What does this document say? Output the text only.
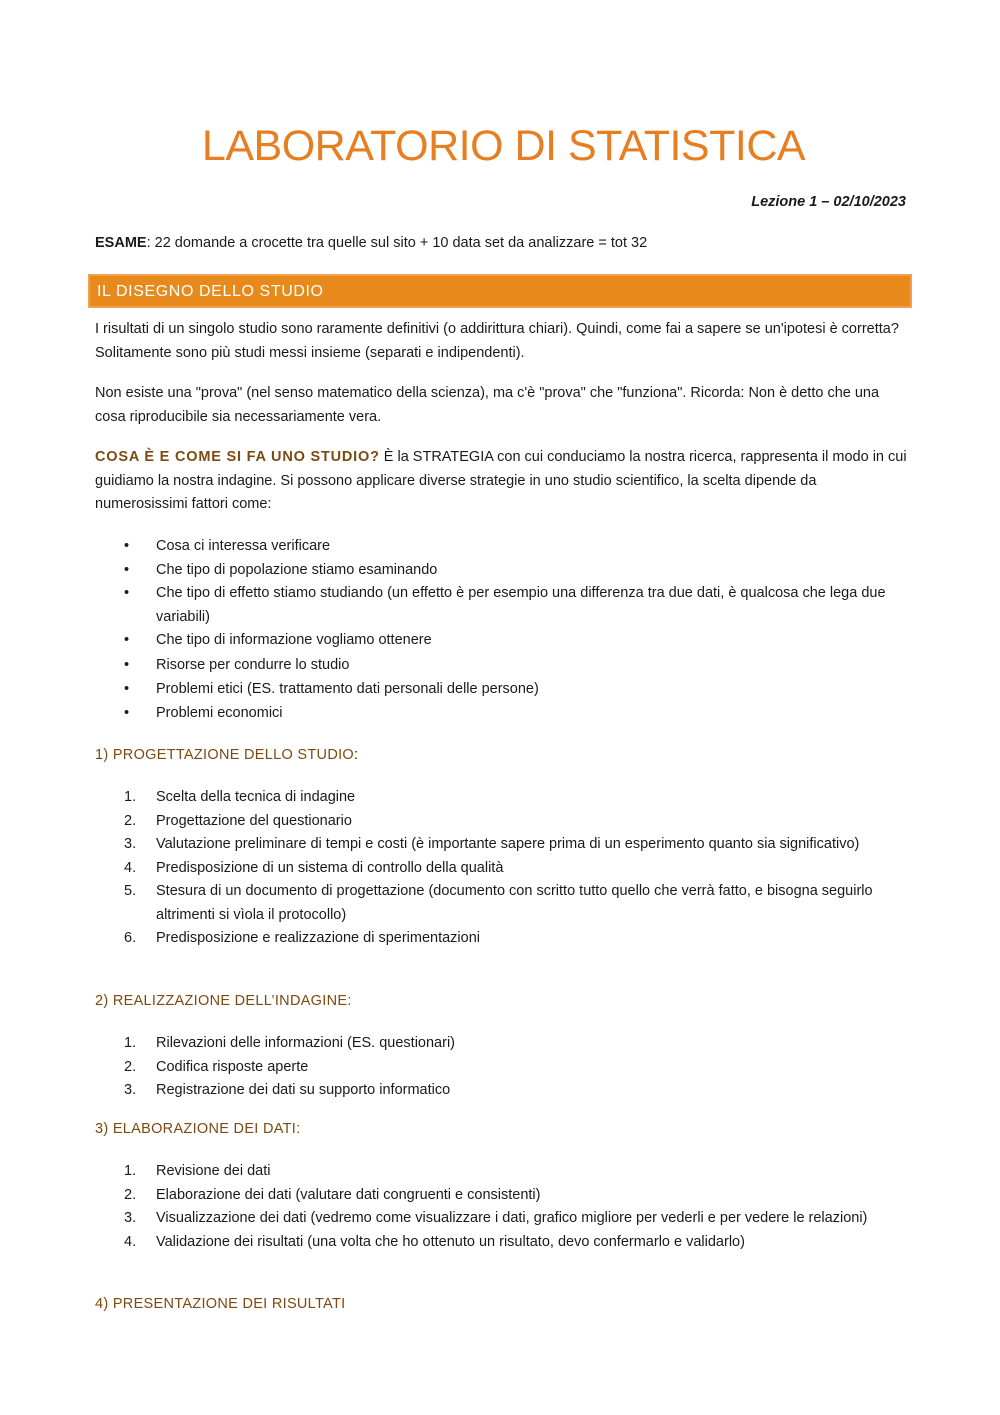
LABORATORIO DI STATISTICA
Lezione 1 – 02/10/2023
ESAME: 22 domande a crocette tra quelle sul sito + 10 data set da analizzare = tot 32
IL DISEGNO DELLO STUDIO

I risultati di un singolo studio sono raramente definitivi (o addirittura chiari). Quindi, come fai a sapere se un'ipotesi è corretta? Solitamente sono più studi messi insieme (separati e indipendenti).

Non esiste una "prova" (nel senso matematico della scienza), ma c'è "prova" che "funziona". Ricorda: Non è detto che una cosa riproducibile sia necessariamente vera.

COSA È E COME SI FA UNO STUDIO? È la STRATEGIA con cui conduciamo la nostra ricerca, rappresenta il modo in cui guidiamo la nostra indagine. Si possono applicare diverse strategie in uno studio scientifico, la scelta dipende da numerosissimi fattori come:

• Cosa ci interessa verificare
• Che tipo di popolazione stiamo esaminando
• Che tipo di effetto stiamo studiando (un effetto è per esempio una differenza tra due dati, è qualcosa che lega due variabili)
• Che tipo di informazione vogliamo ottenere
• Risorse per condurre lo studio
• Problemi etici (ES. trattamento dati personali delle persone)
• Problemi economici
1) PROGETTAZIONE DELLO STUDIO:
1. Scelta della tecnica di indagine
2. Progettazione del questionario
3. Valutazione preliminare di tempi e costi (è importante sapere prima di un esperimento quanto sia significativo)
4. Predisposizione di un sistema di controllo della qualità
5. Stesura di un documento di progettazione (documento con scritto tutto quello che verrà fatto, e bisogna seguirlo altrimenti si vìola il protocollo)
6. Predisposizione e realizzazione di sperimentazioni
2) REALIZZAZIONE DELL’INDAGINE:
1. Rilevazioni delle informazioni (ES. questionari)
2. Codifica risposte aperte
3. Registrazione dei dati su supporto informatico
3) ELABORAZIONE DEI DATI:
1. Revisione dei dati
2. Elaborazione dei dati (valutare dati congruenti e consistenti)
3. Visualizzazione dei dati (vedremo come visualizzare i dati, grafico migliore per vederli e per vedere le relazioni)
4. Validazione dei risultati (una volta che ho ottenuto un risultato, devo confermarlo e validarlo)
4) PRESENTAZIONE DEI RISULTATI
